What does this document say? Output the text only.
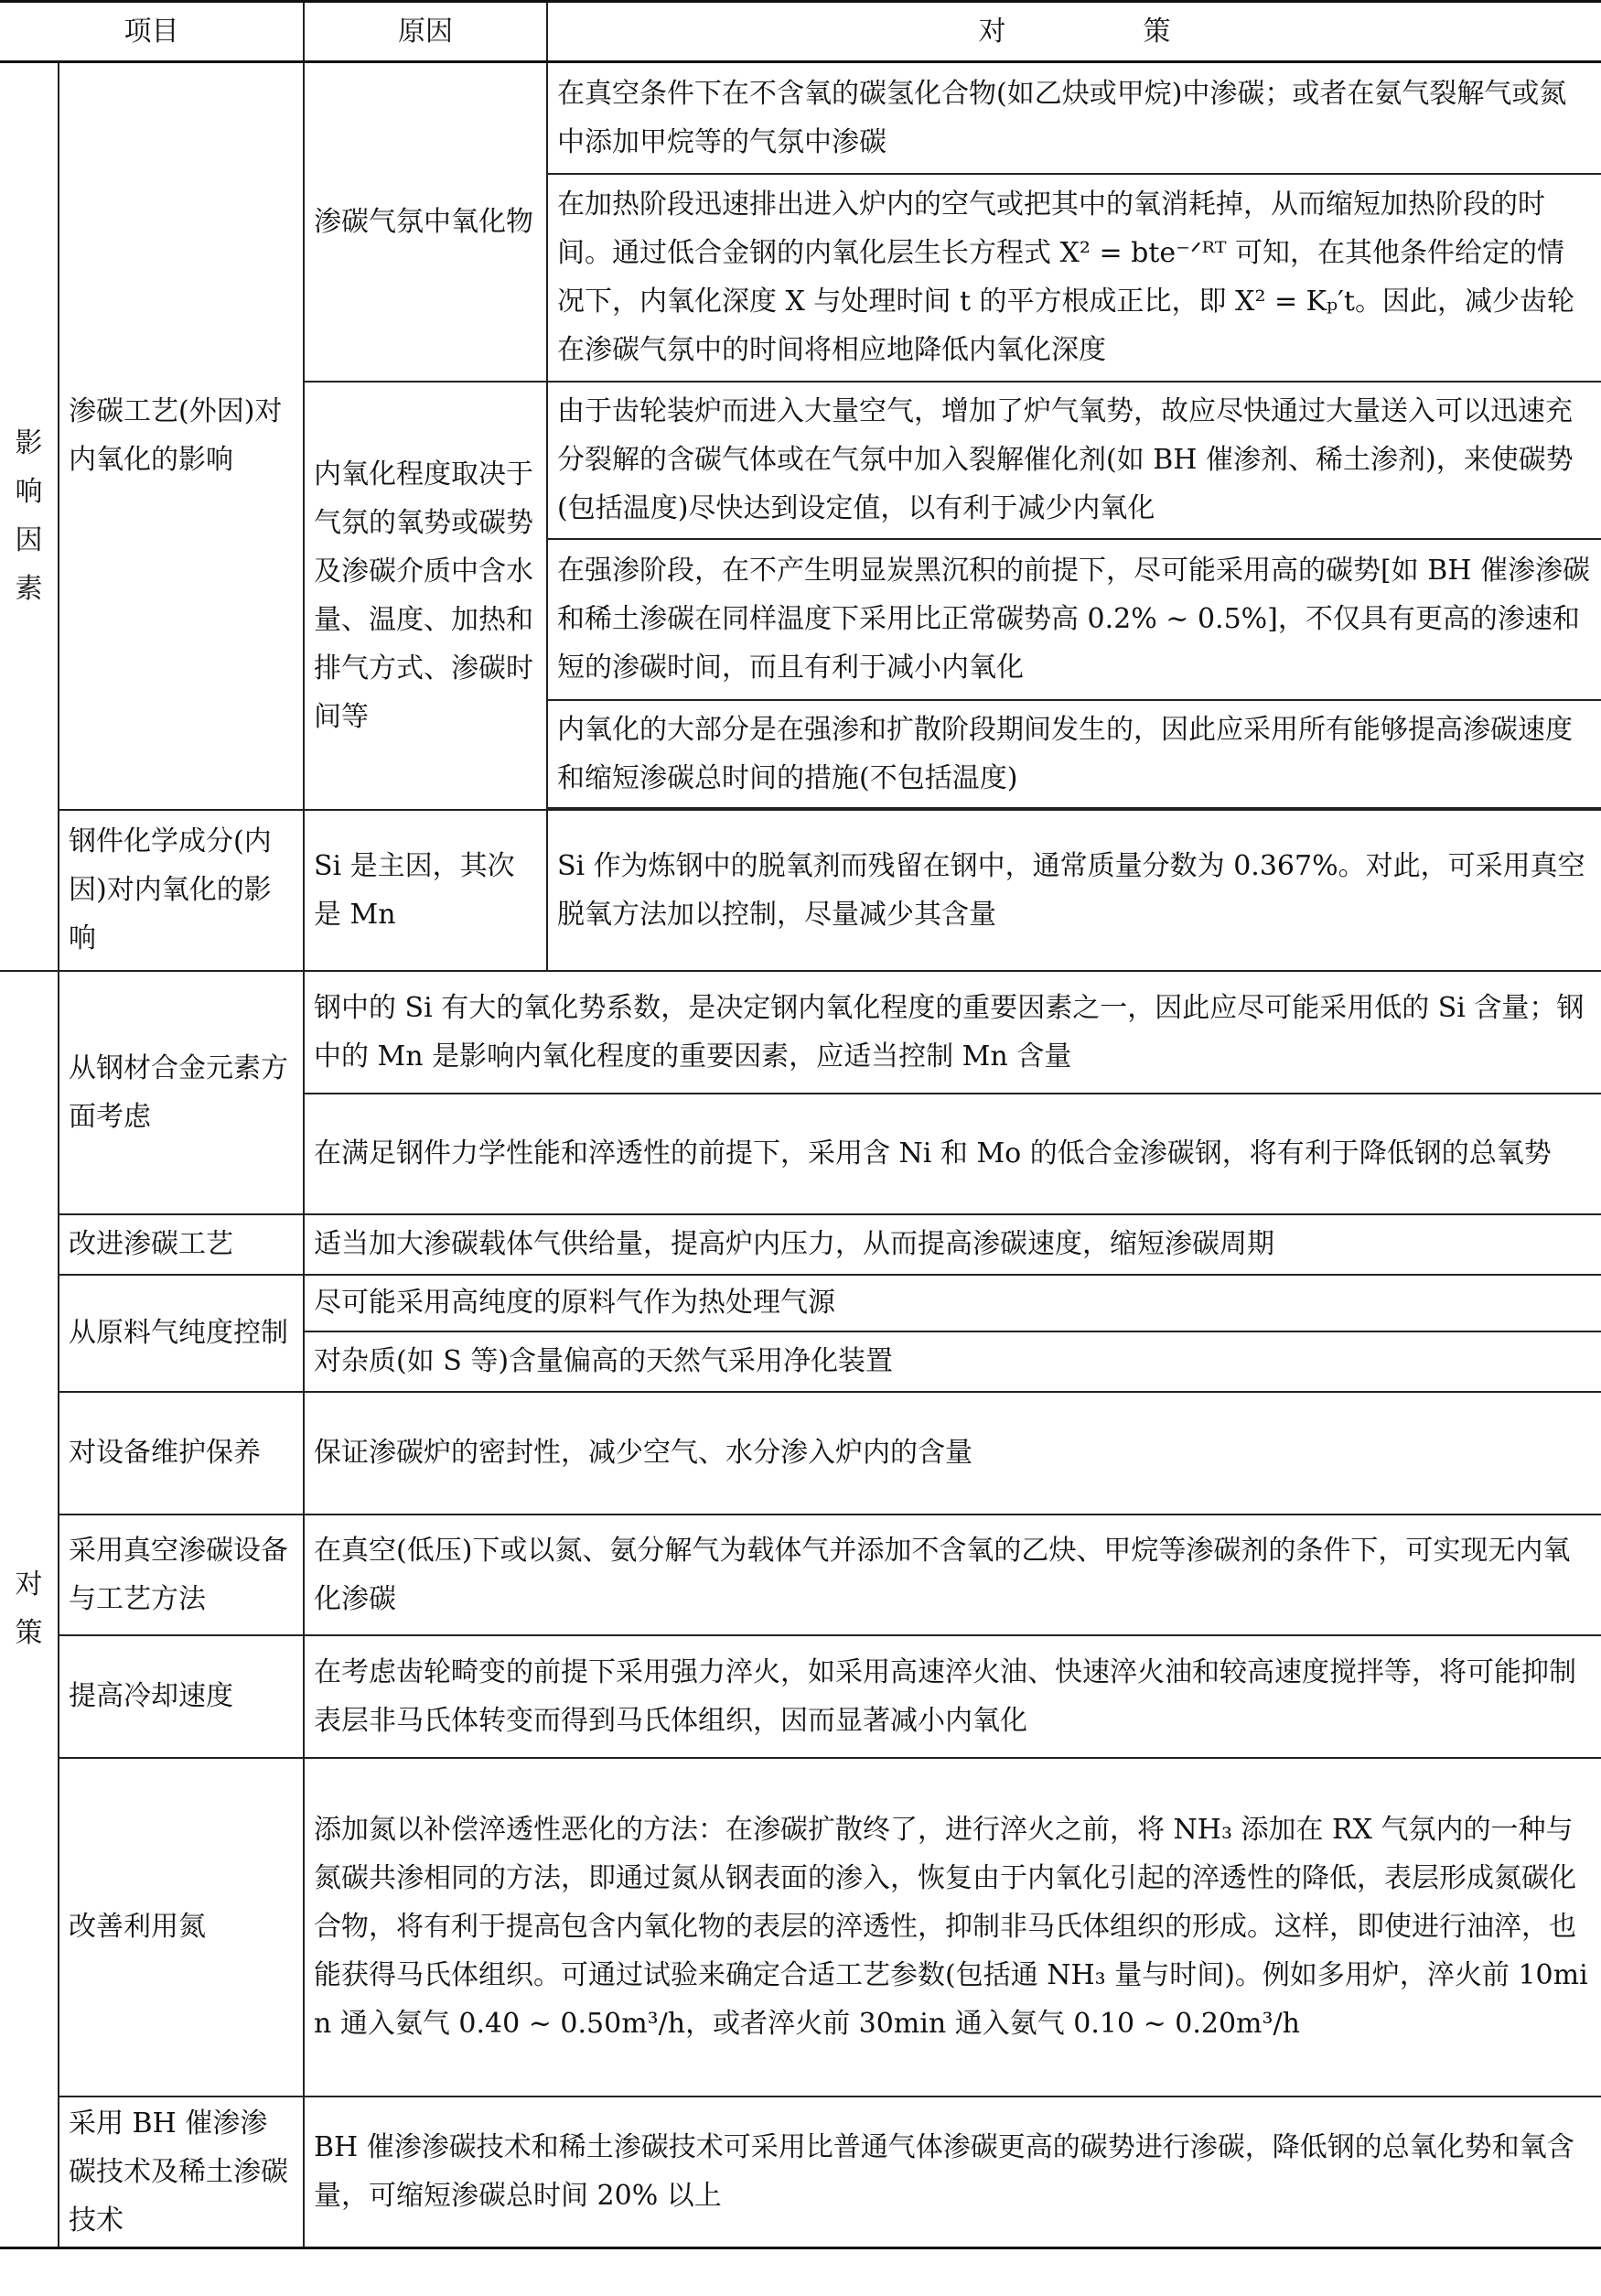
项目		原因	对　　　　　策
影响因素	渗碳工艺(外因)对内氧化的影响	渗碳气氛中氧化物	在真空条件下在不含氧的碳氢化合物(如乙炔或甲烷)中渗碳；或者在氨气裂解气或氮中添加甲烷等的气氛中渗碳
			在加热阶段迅速排出进入炉内的空气或把其中的氧消耗掉，从而缩短加热阶段的时间。通过低合金钢的内氧化层生长方程式 X² = bte⁻ᐟᴿᵀ 可知，在其他条件给定的情况下，内氧化深度 X 与处理时间 t 的平方根成正比，即 X² = Kₚ′t。因此，减少齿轮在渗碳气氛中的时间将相应地降低内氧化深度
		内氧化程度取决于气氛的氧势或碳势及渗碳介质中含水量、温度、加热和排气方式、渗碳时间等	由于齿轮装炉而进入大量空气，增加了炉气氧势，故应尽快通过大量送入可以迅速充分裂解的含碳气体或在气氛中加入裂解催化剂(如 BH 催渗剂、稀土渗剂)，来使碳势(包括温度)尽快达到设定值，以有利于减少内氧化
			在强渗阶段，在不产生明显炭黑沉积的前提下，尽可能采用高的碳势[如 BH 催渗渗碳和稀土渗碳在同样温度下采用比正常碳势高 0.2% ~ 0.5%]，不仅具有更高的渗速和短的渗碳时间，而且有利于减小内氧化
			内氧化的大部分是在强渗和扩散阶段期间发生的，因此应采用所有能够提高渗碳速度和缩短渗碳总时间的措施(不包括温度)

	钢件化学成分(内因)对内氧化的影响	Si 是主因，其次是 Mn	Si 作为炼钢中的脱氧剂而残留在钢中，通常质量分数为 0.367%。对此，可采用真空脱氧方法加以控制，尽量减少其含量
对策	从钢材合金元素方面考虑	钢中的 Si 有大的氧化势系数，是决定钢内氧化程度的重要因素之一，因此应尽可能采用低的 Si 含量；钢中的 Mn 是影响内氧化程度的重要因素，应适当控制 Mn 含量	
		在满足钢件力学性能和淬透性的前提下，采用含 Ni 和 Mo 的低合金渗碳钢，将有利于降低钢的总氧势	
	改进渗碳工艺	适当加大渗碳载体气供给量，提高炉内压力，从而提高渗碳速度，缩短渗碳周期	
	从原料气纯度控制	尽可能采用高纯度的原料气作为热处理气源	
		对杂质(如 S 等)含量偏高的天然气采用净化装置	
	对设备维护保养	保证渗碳炉的密封性，减少空气、水分渗入炉内的含量	
	采用真空渗碳设备与工艺方法	在真空(低压)下或以氮、氨分解气为载体气并添加不含氧的乙炔、甲烷等渗碳剂的条件下，可实现无内氧化渗碳	
	提高冷却速度	在考虑齿轮畸变的前提下采用强力淬火，如采用高速淬火油、快速淬火油和较高速度搅拌等，将可能抑制表层非马氏体转变而得到马氏体组织，因而显著减小内氧化	
	改善利用氮	添加氮以补偿淬透性恶化的方法：在渗碳扩散终了，进行淬火之前，将 NH₃ 添加在 RX 气氛内的一种与氮碳共渗相同的方法，即通过氮从钢表面的渗入，恢复由于内氧化引起的淬透性的降低，表层形成氮碳化合物，将有利于提高包含内氧化物的表层的淬透性，抑制非马氏体组织的形成。这样，即使进行油淬，也能获得马氏体组织。可通过试验来确定合适工艺参数(包括通 NH₃ 量与时间)。例如多用炉，淬火前 10min 通入氨气 0.40 ~ 0.50m³/h，或者淬火前 30min 通入氨气 0.10 ~ 0.20m³/h	
	采用 BH 催渗渗碳技术及稀土渗碳技术	BH 催渗渗碳技术和稀土渗碳技术可采用比普通气体渗碳更高的碳势进行渗碳，降低钢的总氧化势和氧含量，可缩短渗碳总时间 20% 以上	
